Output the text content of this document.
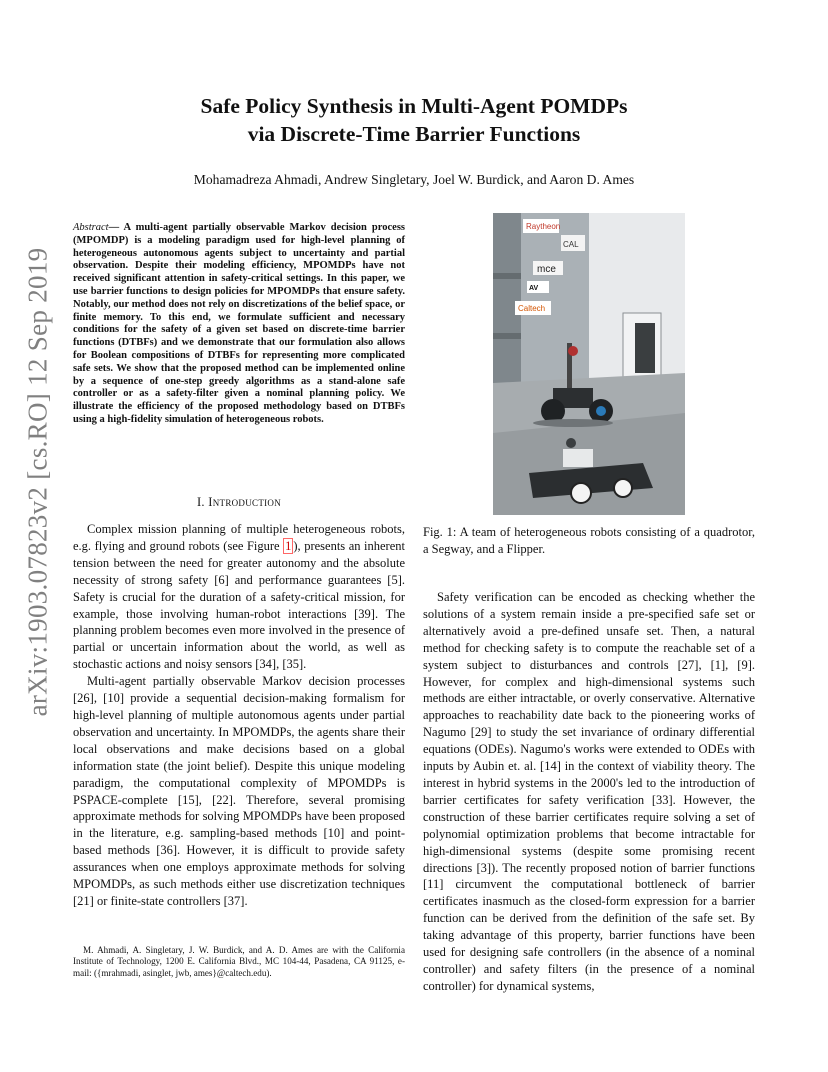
arXiv:1903.07823v2 [cs.RO] 12 Sep 2019
Safe Policy Synthesis in Multi-Agent POMDPs
via Discrete-Time Barrier Functions
Mohamadreza Ahmadi, Andrew Singletary, Joel W. Burdick, and Aaron D. Ames
Abstract— A multi-agent partially observable Markov decision process (MPOMDP) is a modeling paradigm used for high-level planning of heterogeneous autonomous agents subject to uncertainty and partial observation. Despite their modeling efficiency, MPOMDPs have not received significant attention in safety-critical settings. In this paper, we use barrier functions to design policies for MPOMDPs that ensure safety. Notably, our method does not rely on discretizations of the belief space, or finite memory. To this end, we formulate sufficient and necessary conditions for the safety of a given set based on discrete-time barrier functions (DTBFs) and we demonstrate that our formulation also allows for Boolean compositions of DTBFs for representing more complicated safe sets. We show that the proposed method can be implemented online by a sequence of one-step greedy algorithms as a stand-alone safe controller or as a safety-filter given a nominal planning policy. We illustrate the efficiency of the proposed methodology based on DTBFs using a high-fidelity simulation of heterogeneous robots.
I. Introduction

Complex mission planning of multiple heterogeneous robots, e.g. flying and ground robots (see Figure 1 ), presents an inherent tension between the need for greater autonomy and the absolute necessity of strong safety [6] and performance guarantees [5]. Safety is crucial for the duration of a safety-critical mission, for example, those involving human-robot interactions [39]. The planning problem becomes even more involved in the presence of partial or uncertain information about the world, as well as stochastic actions and noisy sensors [34], [35].

Multi-agent partially observable Markov decision processes [26], [10] provide a sequential decision-making formalism for high-level planning of multiple autonomous agents under partial observation and uncertainty. In MPOMDPs, the agents share their local observations and make decisions based on a global information state (the joint belief). Despite this unique modeling paradigm, the computational complexity of MPOMDPs is PSPACE-complete [15], [22]. Therefore, several promising approximate methods for solving MPOMDPs have been proposed in the literature, e.g. sampling-based methods [10] and point-based methods [36]. However, it is difficult to provide safety assurances when one employs approximate methods for solving MPOMDPs, as such methods either use discretization techniques [21] or finite-state controllers [37].

M. Ahmadi, A. Singletary, J. W. Burdick, and A. D. Ames are with the California Institute of Technology, 1200 E. California Blvd., MC 104-44, Pasadena, CA 91125, e-mail: ({mrahmadi, asinglet, jwb, ames}@caltech.edu).
Raytheon
CAL
mce
AV
Caltech
Fig. 1: A team of heterogeneous robots consisting of a quadrotor, a Segway, and a Flipper.

Safety verification can be encoded as checking whether the solutions of a system remain inside a pre-specified safe set or alternatively avoid a pre-defined unsafe set. Then, a natural method for checking safety is to compute the reachable set of a system subject to disturbances and controls [27], [1], [9]. However, for complex and high-dimensional systems such methods are either intractable, or overly conservative. Alternative approaches to reachability date back to the pioneering works of Nagumo [29] to study the set invariance of ordinary differential equations (ODEs). Nagumo's works were extended to ODEs with inputs by Aubin et. al. [14] in the context of viability theory. The interest in hybrid systems in the 2000's led to the introduction of barrier certificates for safety verification [33]. However, the construction of these barrier certificates require solving a set of polynomial optimization problems that become intractable for high-dimensional systems (despite some promising recent directions [3]). The recently proposed notion of barrier functions [11] circumvent the computational bottleneck of barrier certificates inasmuch as the closed-form expression for a barrier function can be derived from the definition of the safe set. By taking advantage of this property, barrier functions have been used for designing safe controllers (in the absence of a nominal controller) and safety filters (in the presence of a nominal controller) for dynamical systems,
